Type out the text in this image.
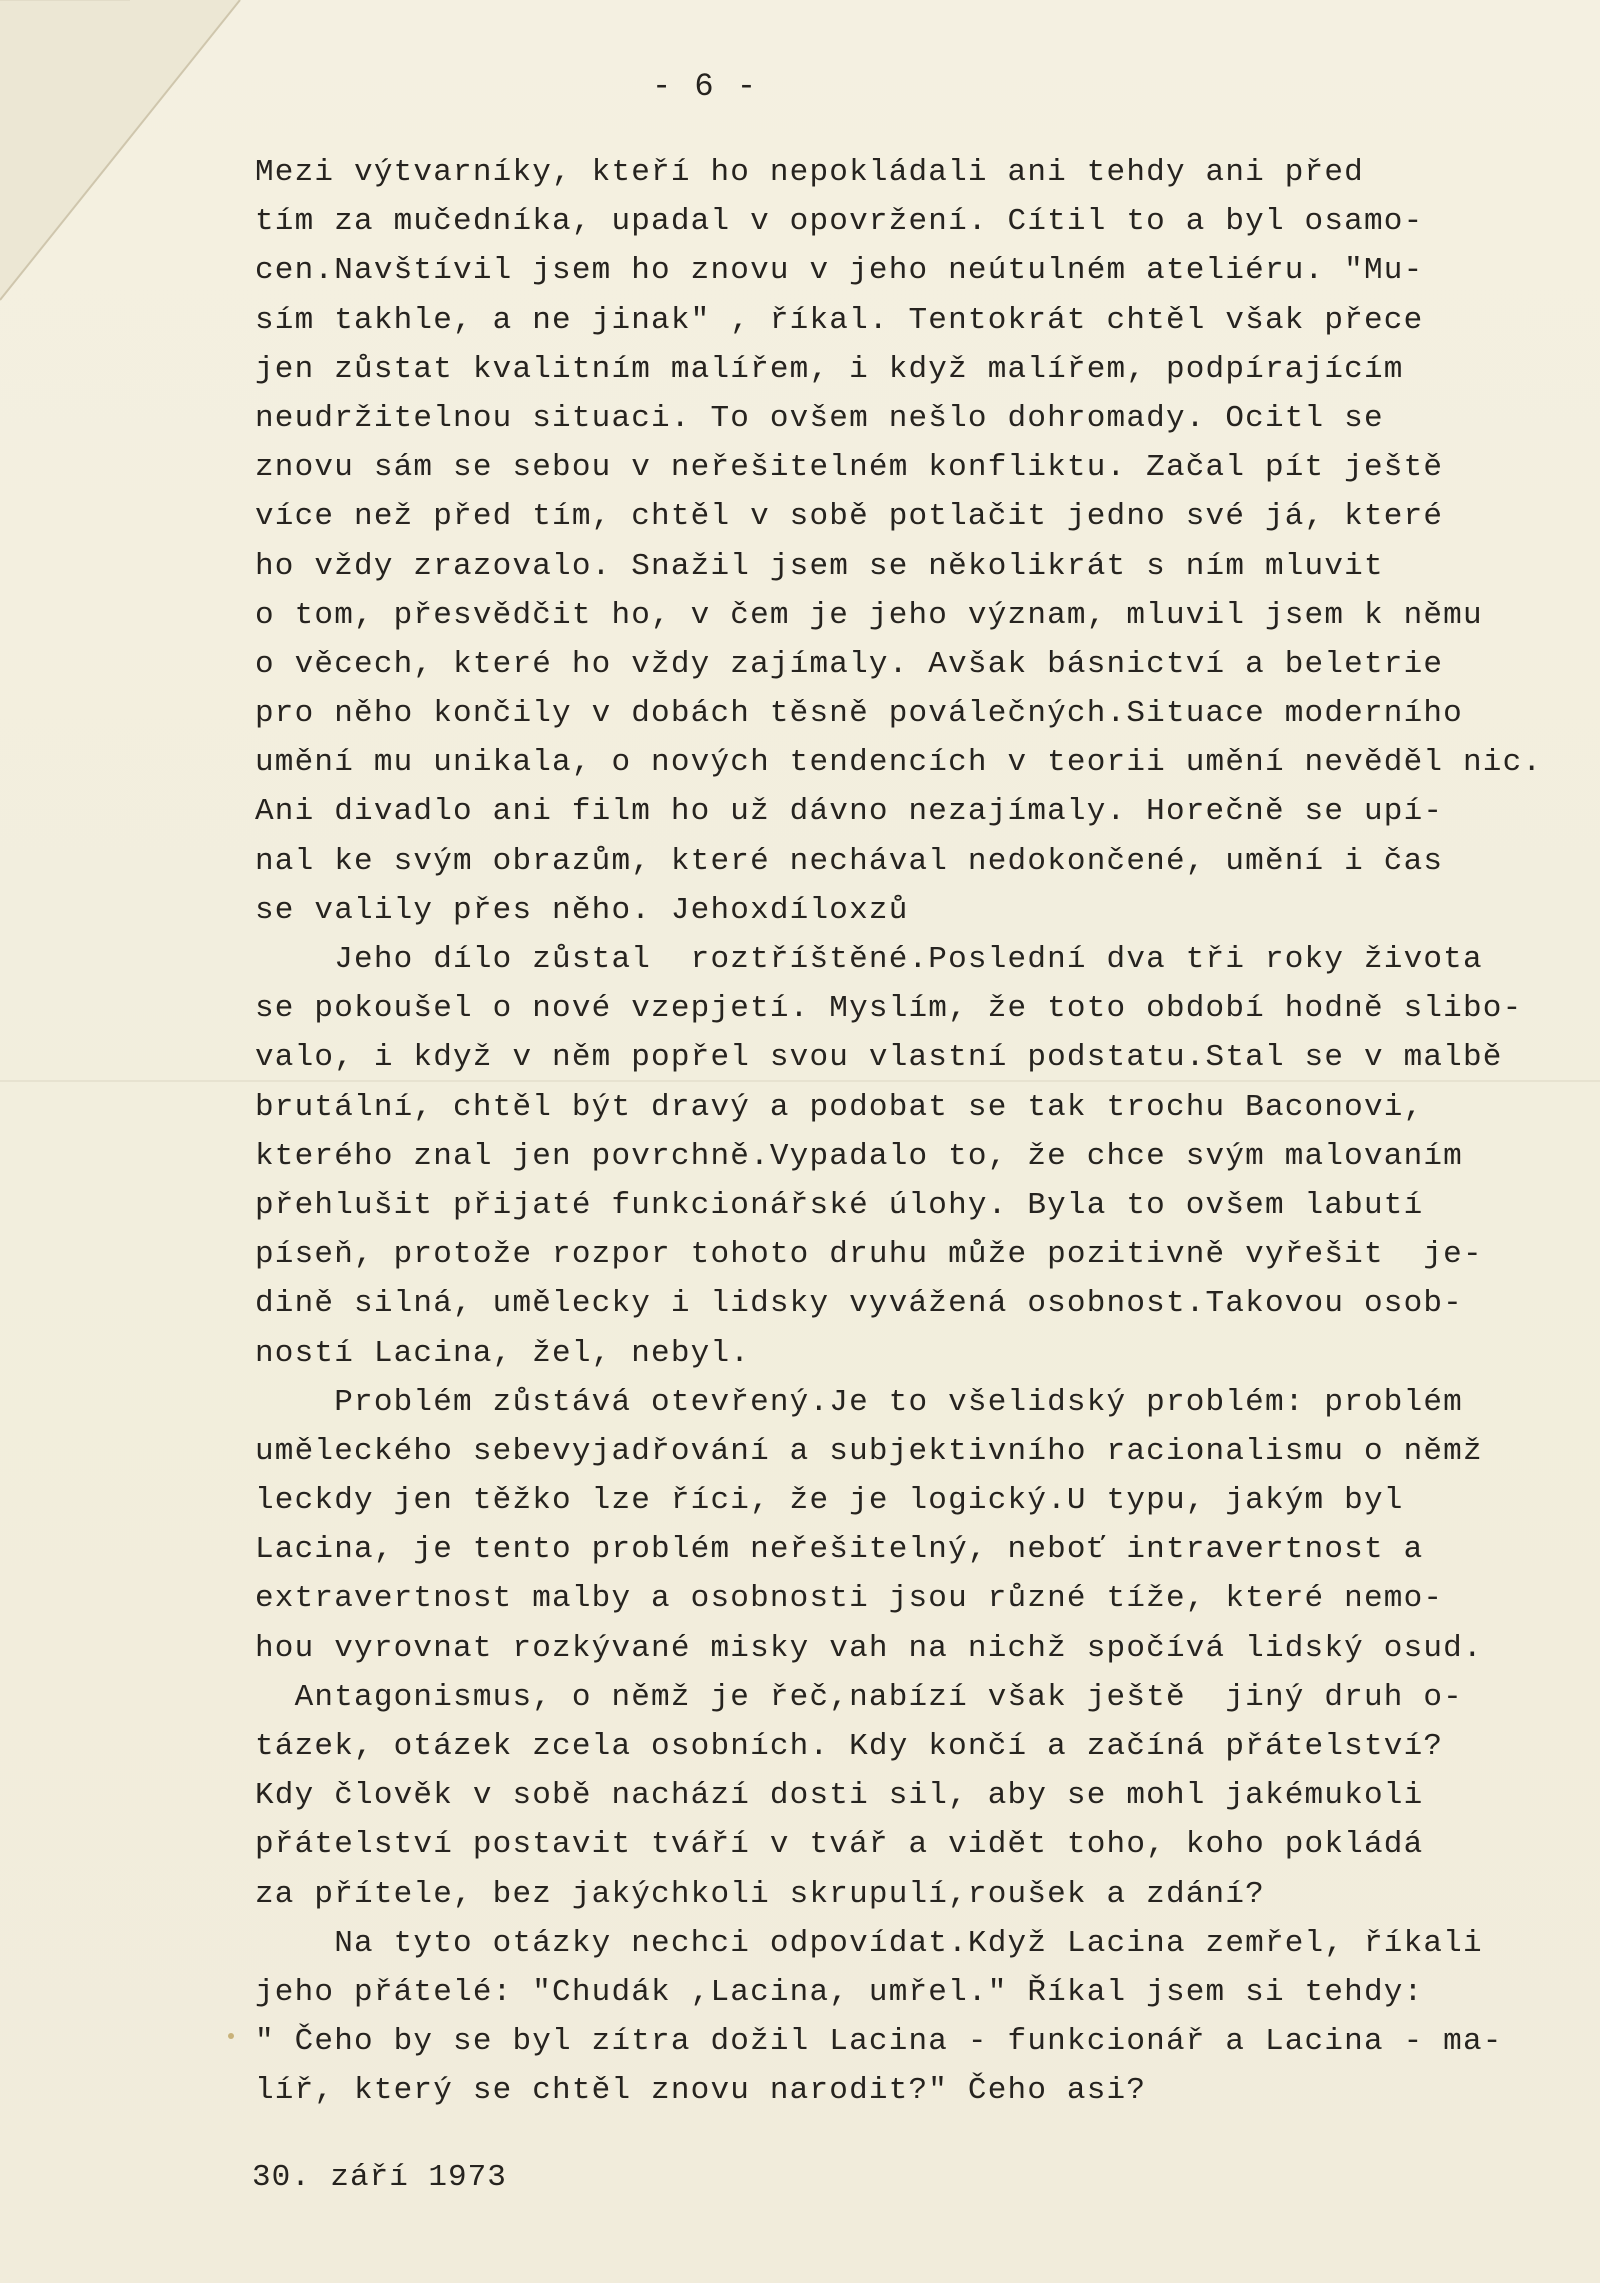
- 6 -
Mezi výtvarníky, kteří ho nepokládali ani tehdy ani před
tím za mučedníka, upadal v opovržení. Cítil to a byl osamo-
cen.Navštívil jsem ho znovu v jeho neútulném ateliéru. "Mu-
sím takhle, a ne jinak" , říkal. Tentokrát chtěl však přece
jen zůstat kvalitním malířem, i když malířem, podpírajícím
neudržitelnou situaci. To ovšem nešlo dohromady. Ocitl se
znovu sám se sebou v neřešitelném konfliktu. Začal pít ještě
více než před tím, chtěl v sobě potlačit jedno své já, které
ho vždy zrazovalo. Snažil jsem se několikrát s ním mluvit
o tom, přesvědčit ho, v čem je jeho význam, mluvil jsem k němu
o věcech, které ho vždy zajímaly. Avšak básnictví a beletrie
pro něho končily v dobách těsně poválečných.Situace moderního
umění mu unikala, o nových tendencích v teorii umění nevěděl nic.
Ani divadlo ani film ho už dávno nezajímaly. Horečně se upí-
nal ke svým obrazům, které nechával nedokončené, umění i čas
se valily přes něho. Jehoxdíloxzů
Jeho dílo zůstal  roztříštěné.Poslední dva tři roky života
se pokoušel o nové vzepjetí. Myslím, že toto období hodně slibo-
valo, i když v něm popřel svou vlastní podstatu.Stal se v malbě
brutální, chtěl být dravý a podobat se tak trochu Baconovi,
kterého znal jen povrchně.Vypadalo to, že chce svým malovaním
přehlušit přijaté funkcionářské úlohy. Byla to ovšem labutí
píseň, protože rozpor tohoto druhu může pozitivně vyřešit  je-
dině silná, umělecky i lidsky vyvážená osobnost.Takovou osob-
ností Lacina, žel, nebyl.
Problém zůstává otevřený.Je to všelidský problém: problém
uměleckého sebevyjadřování a subjektivního racionalismu o němž
leckdy jen těžko lze říci, že je logický.U typu, jakým byl
Lacina, je tento problém neřešitelný, neboť intravertnost a
extravertnost malby a osobnosti jsou různé tíže, které nemo-
hou vyrovnat rozkývané misky vah na nichž spočívá lidský osud.
Antagonismus, o němž je řeč,nabízí však ještě  jiný druh o-
tázek, otázek zcela osobních. Kdy končí a začíná přátelství?
Kdy člověk v sobě nachází dosti sil, aby se mohl jakémukoli
přátelství postavit tváří v tvář a vidět toho, koho pokládá
za přítele, bez jakýchkoli skrupulí,roušek a zdání?
Na tyto otázky nechci odpovídat.Když Lacina zemřel, říkali
jeho přátelé: "Chudák ,Lacina, umřel." Říkal jsem si tehdy:
" Čeho by se byl zítra dožil Lacina - funkcionář a Lacina - ma-
líř, který se chtěl znovu narodit?" Čeho asi?
30. září 1973
